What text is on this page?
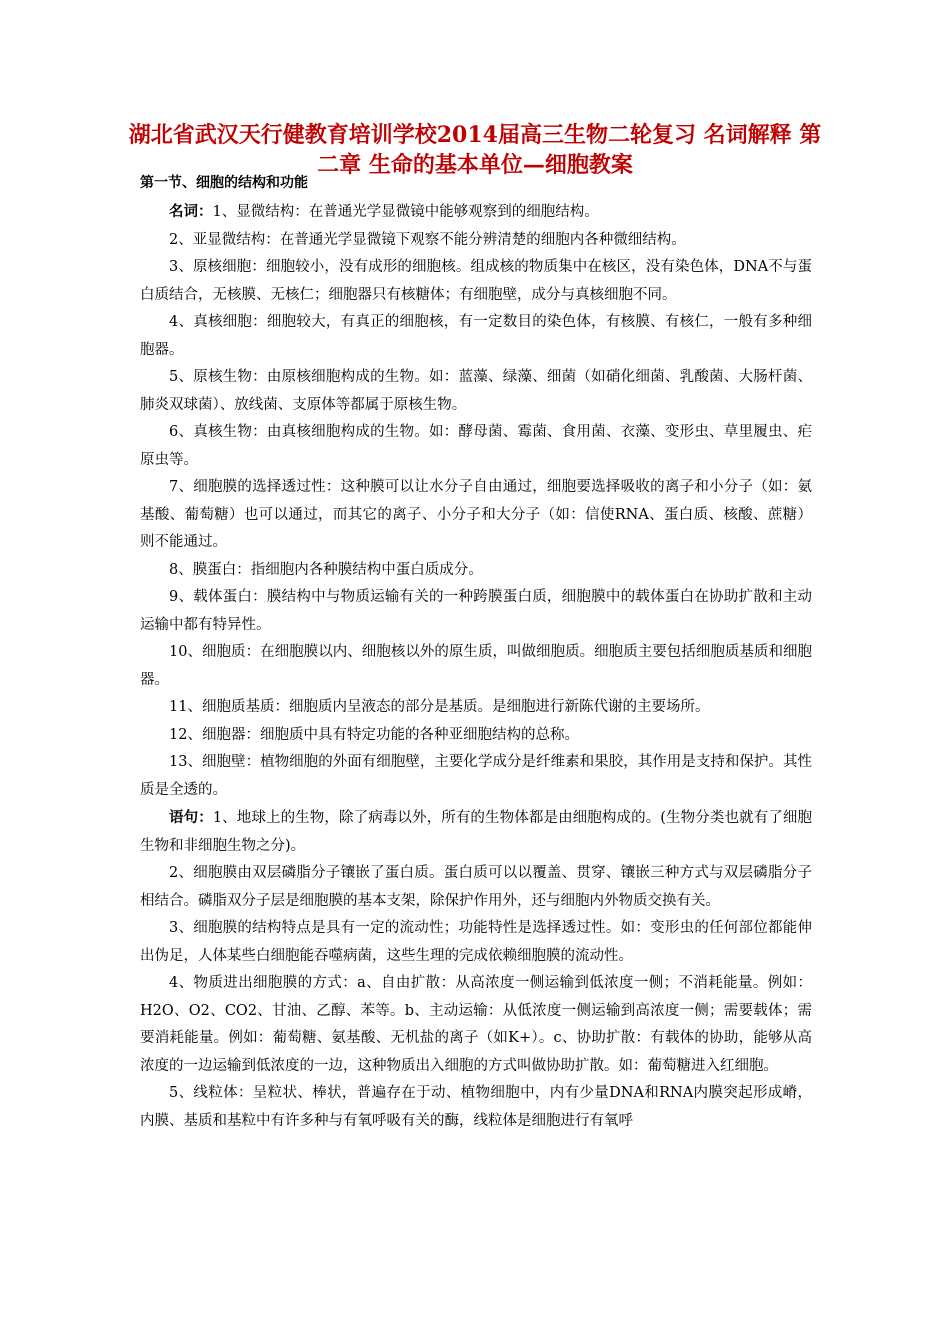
湖北省武汉天行健教育培训学校2014届高三生物二轮复习 名词解释 第二章 生命的基本单位—细胞教案
第一节、细胞的结构和功能

名词：1、显微结构：在普通光学显微镜中能够观察到的细胞结构。

2、亚显微结构：在普通光学显微镜下观察不能分辨清楚的细胞内各种微细结构。

3、原核细胞：细胞较小，没有成形的细胞核。组成核的物质集中在核区，没有染色体，DNA不与蛋白质结合，无核膜、无核仁；细胞器只有核糖体；有细胞壁，成分与真核细胞不同。

4、真核细胞：细胞较大，有真正的细胞核，有一定数目的染色体，有核膜、有核仁，一般有多种细胞器。

5、原核生物：由原核细胞构成的生物。如：蓝藻、绿藻、细菌（如硝化细菌、乳酸菌、大肠杆菌、肺炎双球菌）、放线菌、支原体等都属于原核生物。

6、真核生物：由真核细胞构成的生物。如：酵母菌、霉菌、食用菌、衣藻、变形虫、草里履虫、疟原虫等。

7、细胞膜的选择透过性：这种膜可以让水分子自由通过，细胞要选择吸收的离子和小分子（如：氨基酸、葡萄糖）也可以通过，而其它的离子、小分子和大分子（如：信使RNA、蛋白质、核酸、蔗糖）则不能通过。

8、膜蛋白：指细胞内各种膜结构中蛋白质成分。

9、载体蛋白：膜结构中与物质运输有关的一种跨膜蛋白质，细胞膜中的载体蛋白在协助扩散和主动运输中都有特异性。

10、细胞质：在细胞膜以内、细胞核以外的原生质，叫做细胞质。细胞质主要包括细胞质基质和细胞器。

11、细胞质基质：细胞质内呈液态的部分是基质。是细胞进行新陈代谢的主要场所。

12、细胞器：细胞质中具有特定功能的各种亚细胞结构的总称。

13、细胞壁：植物细胞的外面有细胞壁，主要化学成分是纤维素和果胶，其作用是支持和保护。其性质是全透的。

语句：1、地球上的生物，除了病毒以外，所有的生物体都是由细胞构成的。(生物分类也就有了细胞生物和非细胞生物之分)。

2、细胞膜由双层磷脂分子镶嵌了蛋白质。蛋白质可以以覆盖、贯穿、镶嵌三种方式与双层磷脂分子相结合。磷脂双分子层是细胞膜的基本支架，除保护作用外，还与细胞内外物质交换有关。

3、细胞膜的结构特点是具有一定的流动性；功能特性是选择透过性。如：变形虫的任何部位都能伸出伪足，人体某些白细胞能吞噬病菌，这些生理的完成依赖细胞膜的流动性。

4、物质进出细胞膜的方式：a、自由扩散：从高浓度一侧运输到低浓度一侧；不消耗能量。例如：H2O、O2、CO2、甘油、乙醇、苯等。b、主动运输：从低浓度一侧运输到高浓度一侧；需要载体；需要消耗能量。例如：葡萄糖、氨基酸、无机盐的离子（如K+）。c、协助扩散：有载体的协助，能够从高浓度的一边运输到低浓度的一边，这种物质出入细胞的方式叫做协助扩散。如：葡萄糖进入红细胞。

5、线粒体：呈粒状、棒状，普遍存在于动、植物细胞中，内有少量DNA和RNA内膜突起形成嵴，内膜、基质和基粒中有许多种与有氧呼吸有关的酶，线粒体是细胞进行有氧呼
